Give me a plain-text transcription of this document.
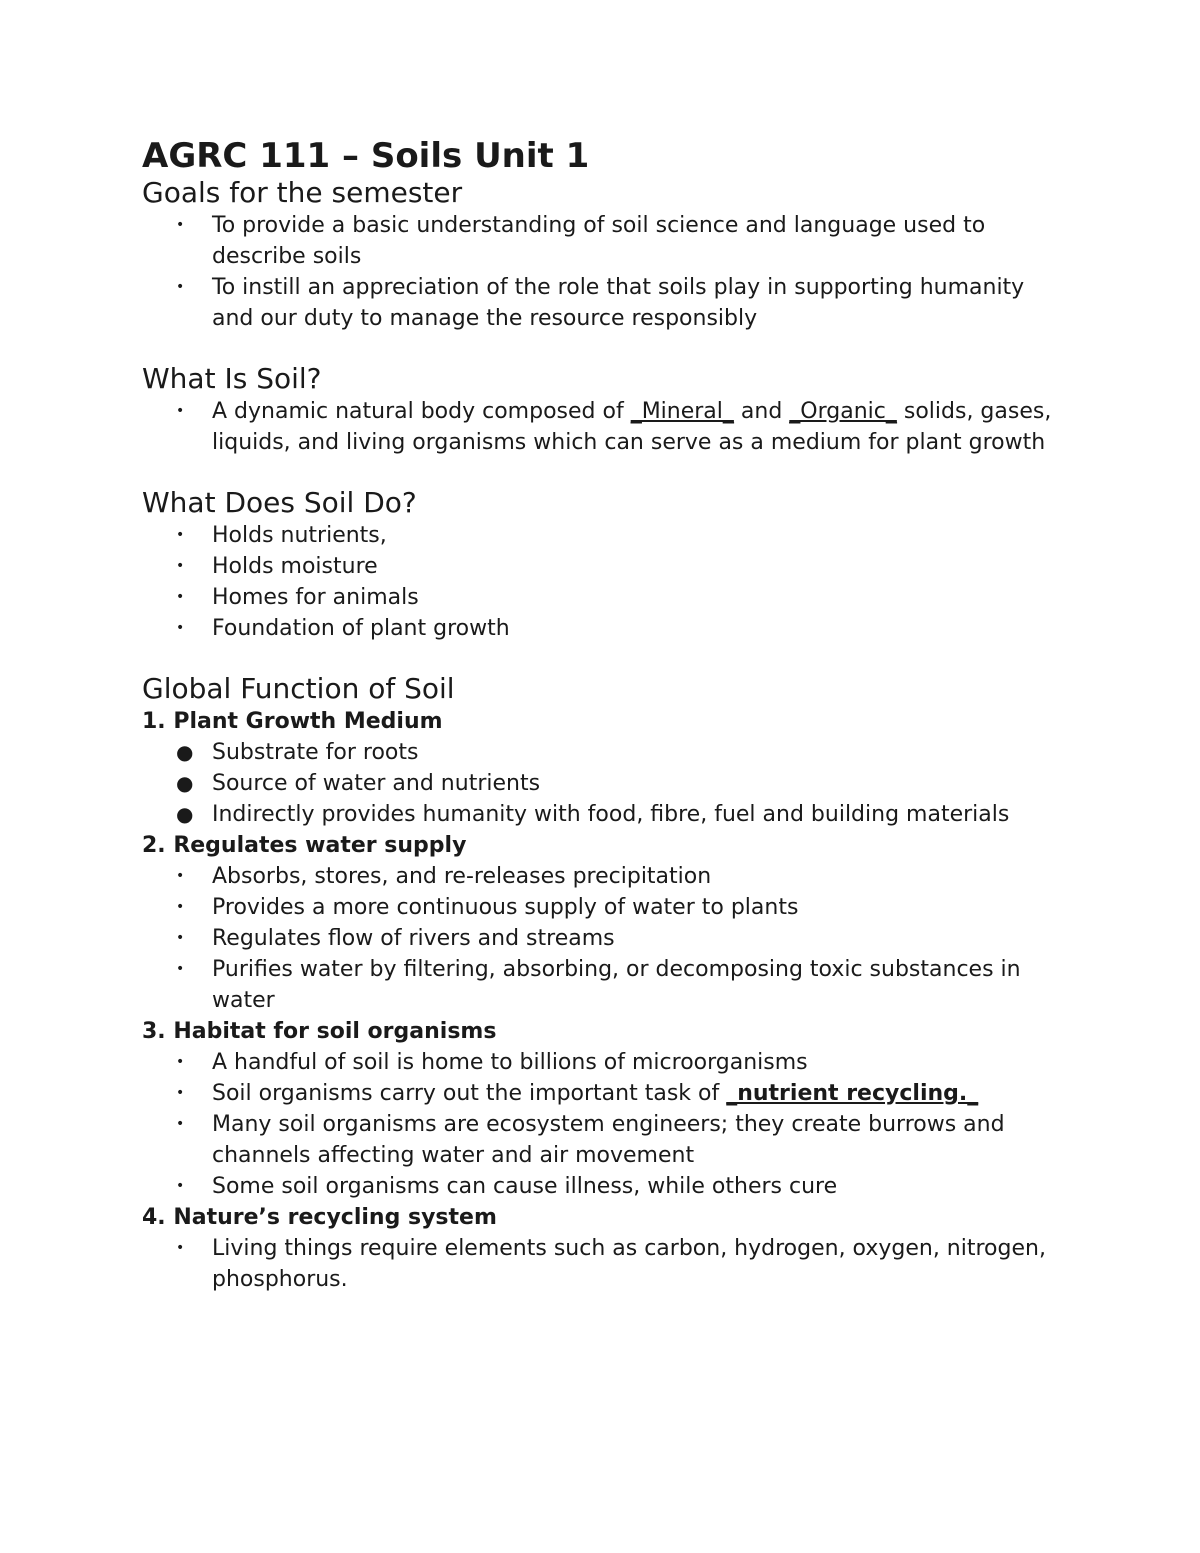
AGRC 111 – Soils Unit 1
Goals for the semester
•	To provide a basic understanding of soil science and language used to describe soils
•	To instill an appreciation of the role that soils play in supporting humanity and our duty to manage the resource responsibly
What Is Soil?
•	A dynamic natural body composed of _Mineral_ and _Organic_ solids, gases, liquids, and living organisms which can serve as a medium for plant growth
What Does Soil Do?
•	Holds nutrients,
•	Holds moisture
•	Homes for animals
•	Foundation of plant growth
Global Function of Soil
1. Plant Growth Medium
● Substrate for roots
● Source of water and nutrients
● Indirectly provides humanity with food, fibre, fuel and building materials
2. Regulates water supply
•	Absorbs, stores, and re-releases precipitation
•	Provides a more continuous supply of water to plants
•	Regulates flow of rivers and streams
•	Purifies water by filtering, absorbing, or decomposing toxic substances in water
3. Habitat for soil organisms
•	A handful of soil is home to billions of microorganisms
•	Soil organisms carry out the important task of _nutrient recycling._
•	Many soil organisms are ecosystem engineers; they create burrows and channels affecting water and air movement
•	Some soil organisms can cause illness, while others cure
4. Nature’s recycling system
•	Living things require elements such as carbon, hydrogen, oxygen, nitrogen, phosphorus.
